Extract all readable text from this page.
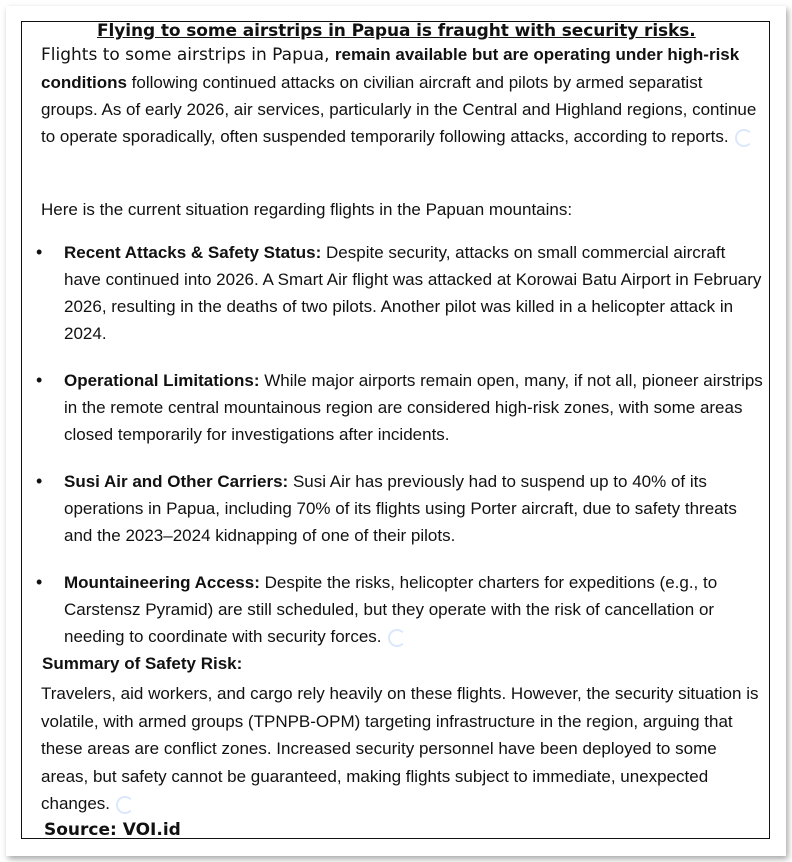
Flying to some airstrips in Papua is fraught with security risks.

Flights to some airstrips in Papua, remain available but are operating under high-risk conditions following continued attacks on civilian aircraft and pilots by armed separatist groups. As of early 2026, air services, particularly in the Central and Highland regions, continue to operate sporadically, often suspended temporarily following attacks, according to reports.

Here is the current situation regarding flights in the Papuan mountains:

• Recent Attacks & Safety Status: Despite security, attacks on small commercial aircraft have continued into 2026. A Smart Air flight was attacked at Korowai Batu Airport in February 2026, resulting in the deaths of two pilots. Another pilot was killed in a helicopter attack in 2024.
• Operational Limitations: While major airports remain open, many, if not all, pioneer airstrips in the remote central mountainous region are considered high-risk zones, with some areas closed temporarily for investigations after incidents.
• Susi Air and Other Carriers: Susi Air has previously had to suspend up to 40% of its operations in Papua, including 70% of its flights using Porter aircraft, due to safety threats and the 2023–2024 kidnapping of one of their pilots.
• Mountaineering Access: Despite the risks, helicopter charters for expeditions (e.g., to Carstensz Pyramid) are still scheduled, but they operate with the risk of cancellation or needing to coordinate with security forces.
Summary of Safety Risk:

Travelers, aid workers, and cargo rely heavily on these flights. However, the security situation is volatile, with armed groups (TPNPB-OPM) targeting infrastructure in the region, arguing that these areas are conflict zones. Increased security personnel have been deployed to some areas, but safety cannot be guaranteed, making flights subject to immediate, unexpected changes.

Source: VOI.id
